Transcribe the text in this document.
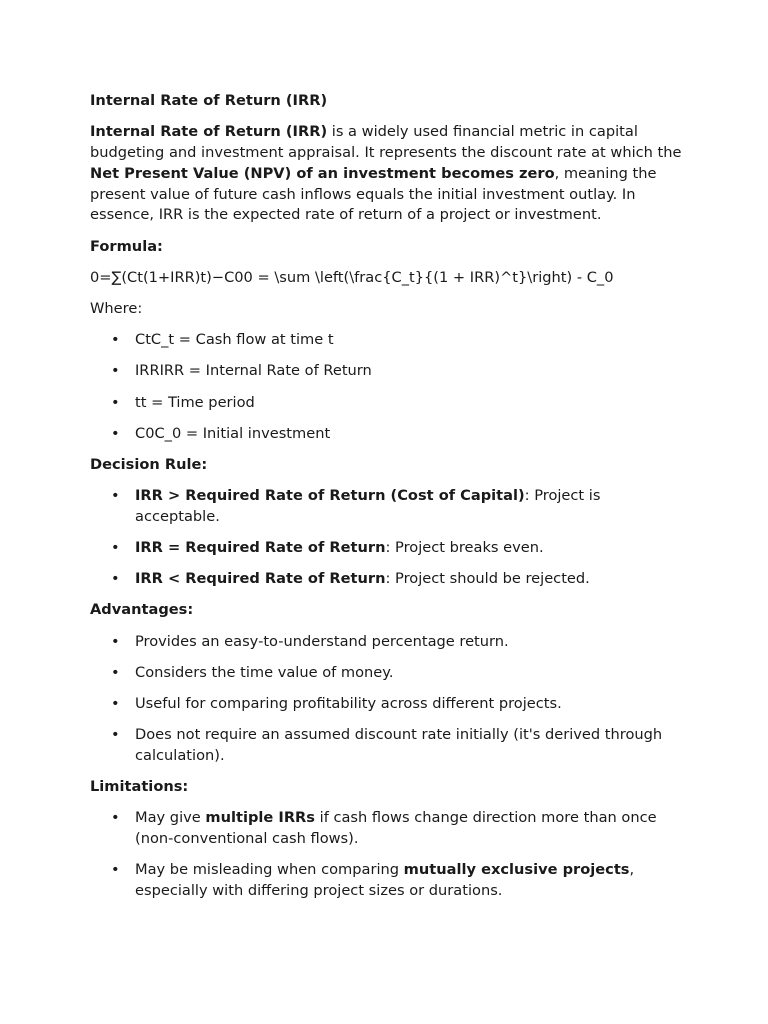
Internal Rate of Return (IRR)

Internal Rate of Return (IRR) is a widely used financial metric in capital budgeting and investment appraisal. It represents the discount rate at which the Net Present Value (NPV) of an investment becomes zero, meaning the present value of future cash inflows equals the initial investment outlay. In essence, IRR is the expected rate of return of a project or investment.

Formula:

0=∑(Ct(1+IRR)t)−C00 = \sum \left(\frac{C_t}{(1 + IRR)^t}\right) - C_0

Where:

• CtC_t = Cash flow at time t
• IRRIRR = Internal Rate of Return
• tt = Time period
• C0C_0 = Initial investment

Decision Rule:

• IRR > Required Rate of Return (Cost of Capital): Project is acceptable.
• IRR = Required Rate of Return: Project breaks even.
• IRR < Required Rate of Return: Project should be rejected.

Advantages:

• Provides an easy-to-understand percentage return.
• Considers the time value of money.
• Useful for comparing profitability across different projects.
• Does not require an assumed discount rate initially (it's derived through calculation).

Limitations:

• May give multiple IRRs if cash flows change direction more than once (non-conventional cash flows).
• May be misleading when comparing mutually exclusive projects, especially with differing project sizes or durations.
